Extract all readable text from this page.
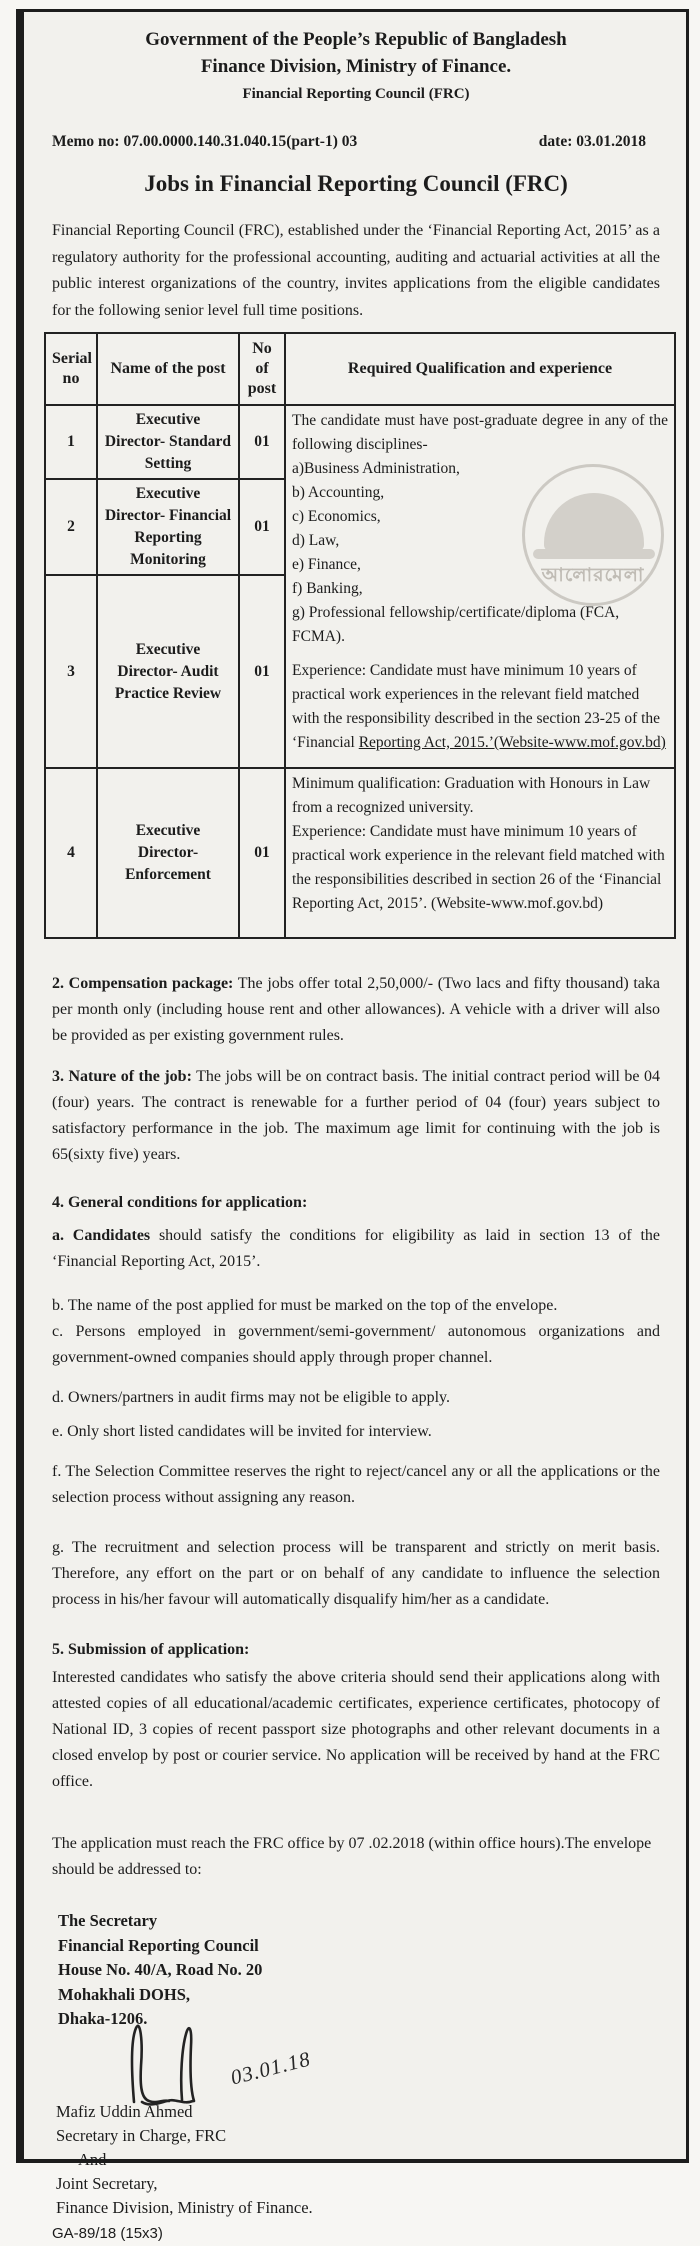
আলোরমেলা
Government of the People’s Republic of Bangladesh
Finance Division, Ministry of Finance.
Financial Reporting Council (FRC)
Memo no: 07.00.0000.140.31.040.15(part-1) 03	date: 03.01.2018
Jobs in Financial Reporting Council (FRC)

Financial Reporting Council (FRC), established under the ‘Financial Reporting Act, 2015’ as a regulatory authority for the professional accounting, auditing and actuarial activities at all the public interest organizations of the country, invites applications from the eligible candidates for the following senior level full time positions.

Serial no	Name of the post	No of post	Required Qualification and experience
1	Executive Director- Standard Setting	01	
The candidate must have post-graduate degree in any of the following disciplines-
a)Business Administration,
b) Accounting,
c) Economics,
d) Law,
e) Finance,
f) Banking,
g) Professional fellowship/certificate/diploma (FCA, FCMA).
Experience: Candidate must have minimum 10 years of practical work experiences in the relevant field matched with the responsibility described in the section 23-25 of the ‘Financial Reporting Act, 2015.’(Website-www.mof.gov.bd)

2	Executive Director- Financial Reporting Monitoring	01	
3	Executive Director- Audit Practice Review	01	
4	Executive Director- Enforcement	01	Minimum qualification: Graduation with Honours in Law from a recognized university.
Experience: Candidate must have minimum 10 years of practical work experience in the relevant field matched with the responsibilities described in section 26 of the ‘Financial Reporting Act, 2015’. (Website-www.mof.gov.bd)

2. Compensation package: The jobs offer total 2,50,000/- (Two lacs and fifty thousand) taka per month only (including house rent and other allowances). A vehicle with a driver will also be provided as per existing government rules.

3. Nature of the job: The jobs will be on contract basis. The initial contract period will be 04 (four) years. The contract is renewable for a further period of 04 (four) years subject to satisfactory performance in the job. The maximum age limit for continuing with the job is 65(sixty five) years.

4. General conditions for application:

a. Candidates should satisfy the conditions for eligibility as laid in section 13 of the ‘Financial Reporting Act, 2015’.

b. The name of the post applied for must be marked on the top of the envelope.

c. Persons employed in government/semi-government/ autonomous organizations and government-owned companies should apply through proper channel.

d. Owners/partners in audit firms may not be eligible to apply.

e. Only short listed candidates will be invited for interview.

f. The Selection Committee reserves the right to reject/cancel any or all the applications or the selection process without assigning any reason.

g. The recruitment and selection process will be transparent and strictly on merit basis. Therefore, any effort on the part or on behalf of any candidate to influence the selection process in his/her favour will automatically disqualify him/her as a candidate.

5. Submission of application:

Interested candidates who satisfy the above criteria should send their applications along with attested copies of all educational/academic certificates, experience certificates, photocopy of National ID, 3 copies of recent passport size photographs and other relevant documents in a closed envelop by post or courier service. No application will be received by hand at the FRC office.

The application must reach the FRC office by 07 .02.2018 (within office hours).The envelope should be addressed to:

The Secretary
Financial Reporting Council
House No. 40/A, Road No. 20
Mohakhali DOHS,
Dhaka-1206.
03.01.18
Mafiz Uddin Ahmed
Secretary in Charge, FRC
And
Joint Secretary,
Finance Division, Ministry of Finance.
GA-89/18 (15x3)
